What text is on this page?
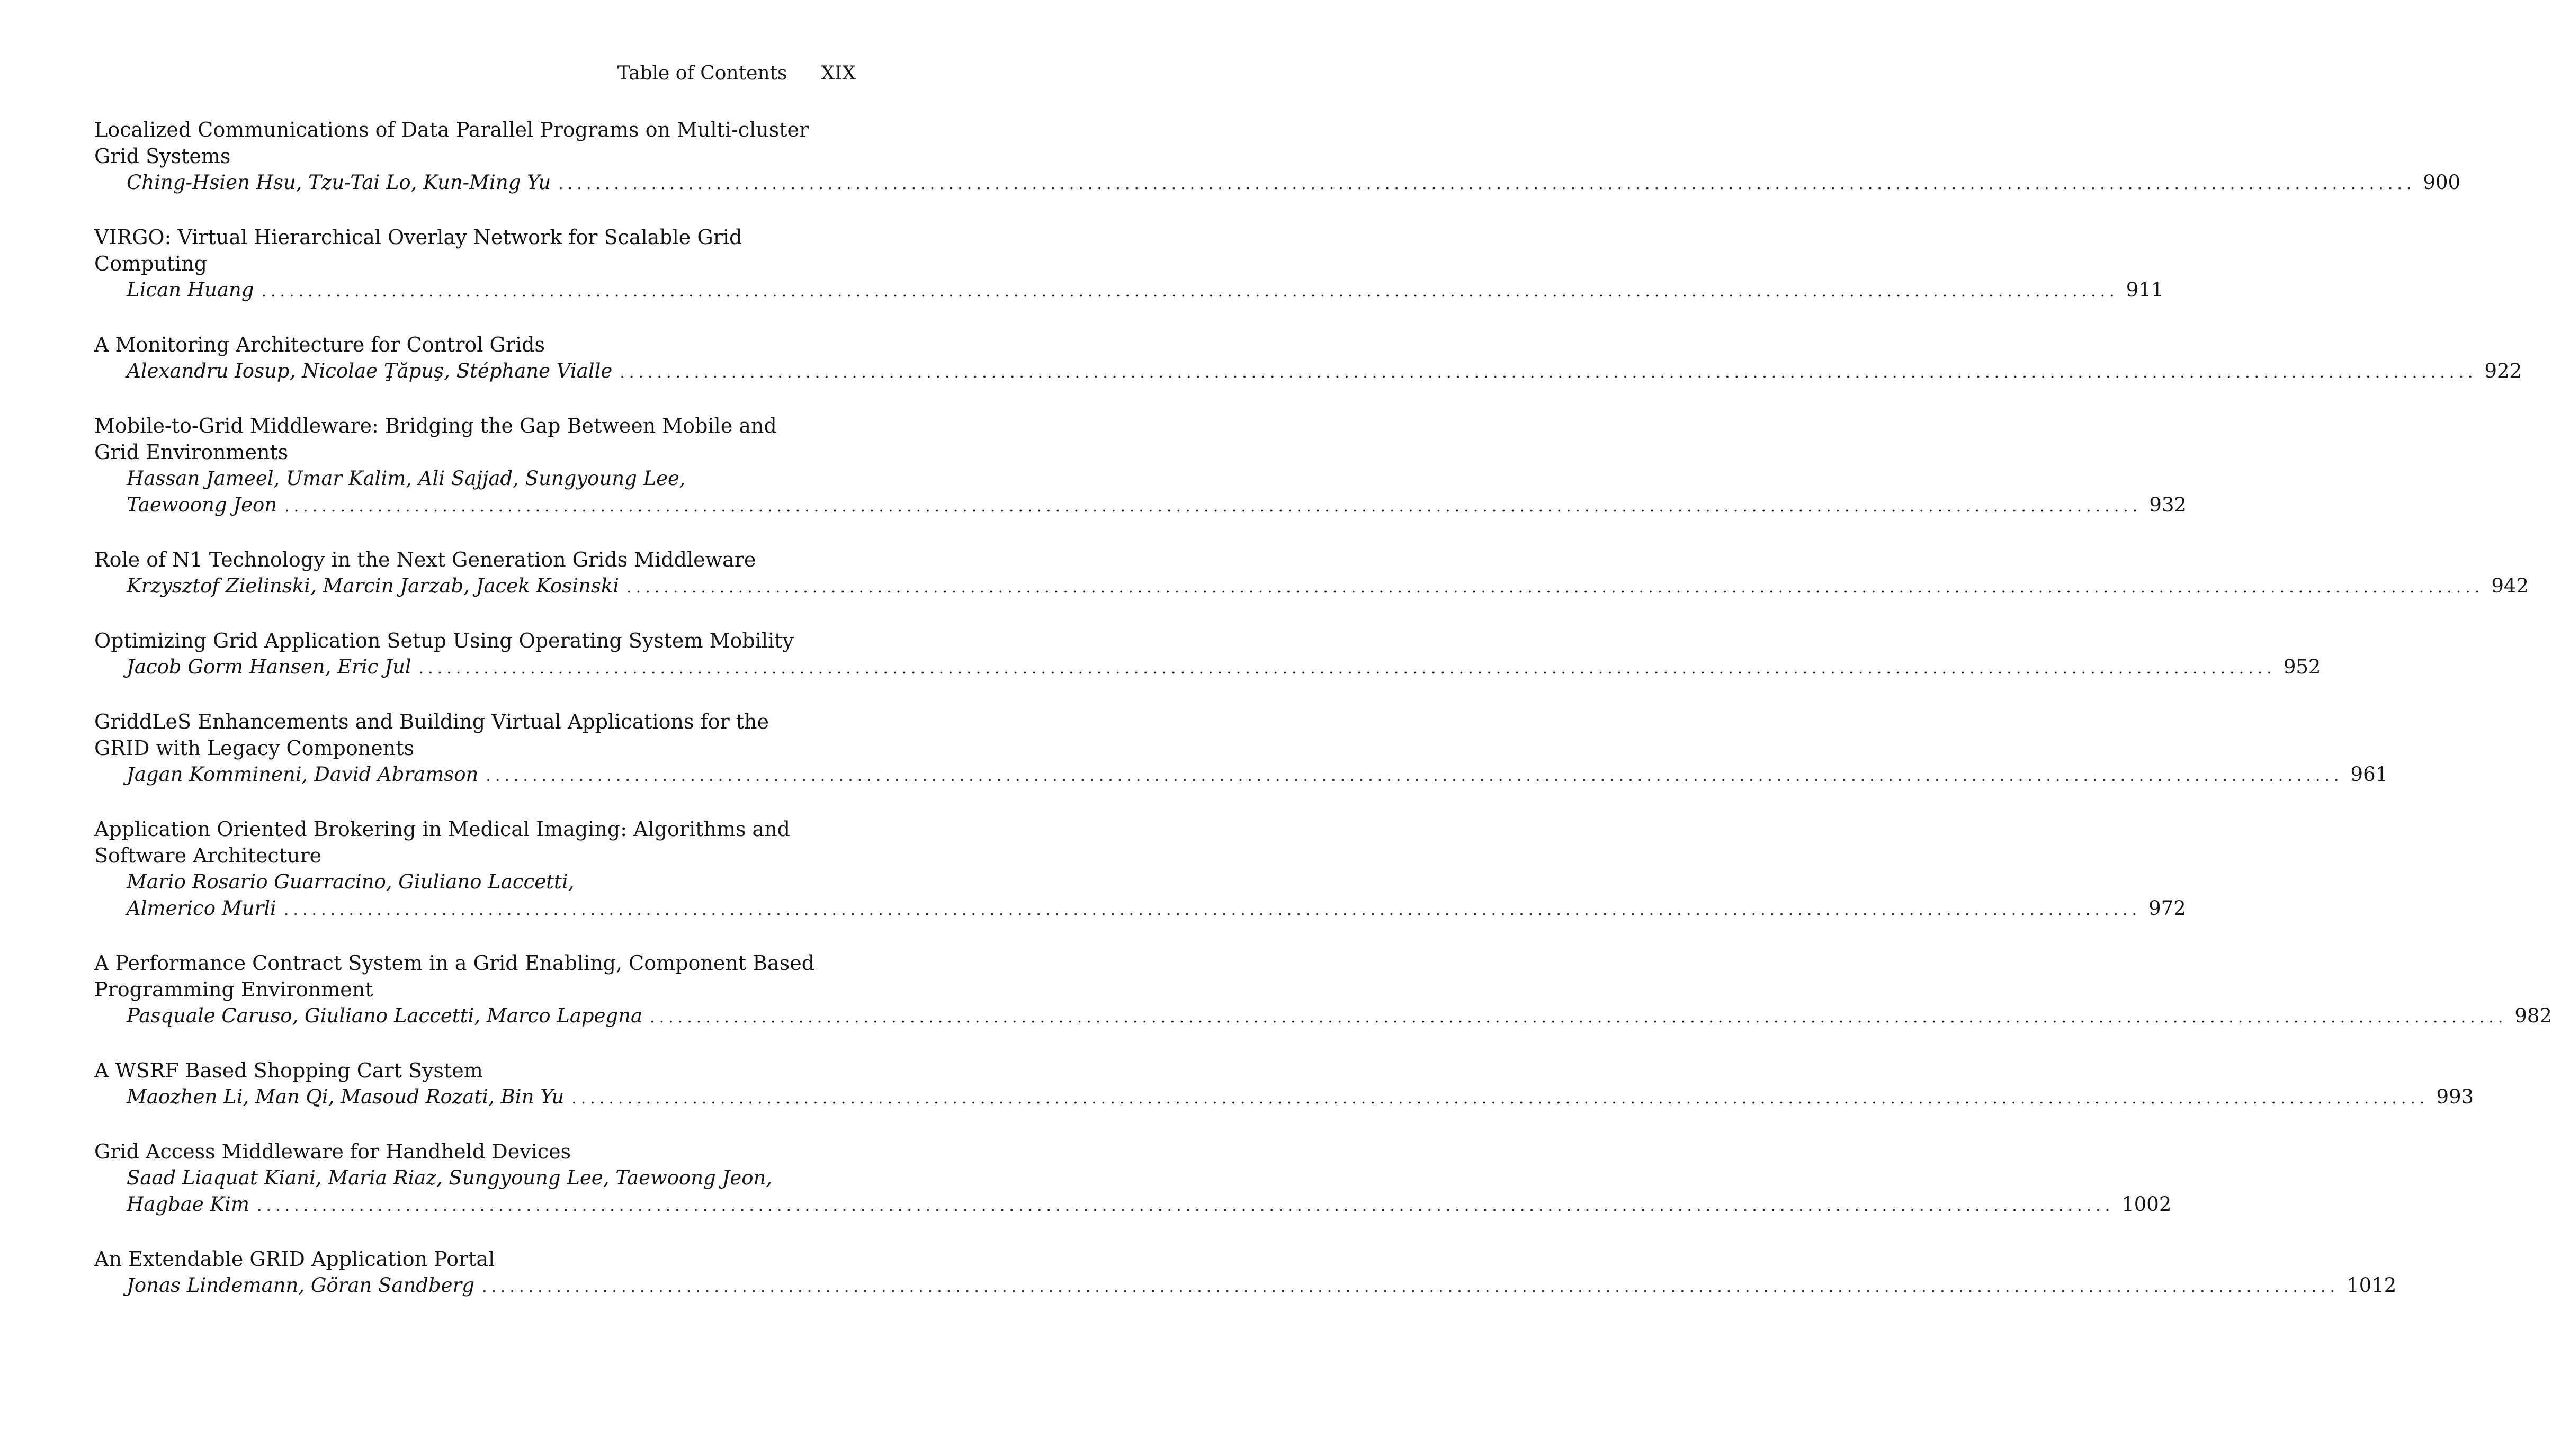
Table of Contents XIX
Localized Communications of Data Parallel Programs on Multi-cluster
Grid Systems
Ching-Hsien Hsu, Tzu-Tai Lo, Kun-Ming Yu ........................................................................................................................................................................................................ 900
VIRGO: Virtual Hierarchical Overlay Network for Scalable Grid
Computing
Lican Huang ........................................................................................................................................................................................................ 911
A Monitoring Architecture for Control Grids
Alexandru Iosup, Nicolae Ţăpuş, Stéphane Vialle ........................................................................................................................................................................................................ 922
Mobile-to-Grid Middleware: Bridging the Gap Between Mobile and
Grid Environments
Hassan Jameel, Umar Kalim, Ali Sajjad, Sungyoung Lee,
Taewoong Jeon ........................................................................................................................................................................................................ 932
Role of N1 Technology in the Next Generation Grids Middleware
Krzysztof Zielinski, Marcin Jarzab, Jacek Kosinski ........................................................................................................................................................................................................ 942
Optimizing Grid Application Setup Using Operating System Mobility
Jacob Gorm Hansen, Eric Jul ........................................................................................................................................................................................................ 952
GriddLeS Enhancements and Building Virtual Applications for the
GRID with Legacy Components
Jagan Kommineni, David Abramson ........................................................................................................................................................................................................ 961
Application Oriented Brokering in Medical Imaging: Algorithms and
Software Architecture
Mario Rosario Guarracino, Giuliano Laccetti,
Almerico Murli ........................................................................................................................................................................................................ 972
A Performance Contract System in a Grid Enabling, Component Based
Programming Environment
Pasquale Caruso, Giuliano Laccetti, Marco Lapegna ........................................................................................................................................................................................................ 982
A WSRF Based Shopping Cart System
Maozhen Li, Man Qi, Masoud Rozati, Bin Yu ........................................................................................................................................................................................................ 993
Grid Access Middleware for Handheld Devices
Saad Liaquat Kiani, Maria Riaz, Sungyoung Lee, Taewoong Jeon,
Hagbae Kim ........................................................................................................................................................................................................ 1002
An Extendable GRID Application Portal
Jonas Lindemann, Göran Sandberg ........................................................................................................................................................................................................ 1012
